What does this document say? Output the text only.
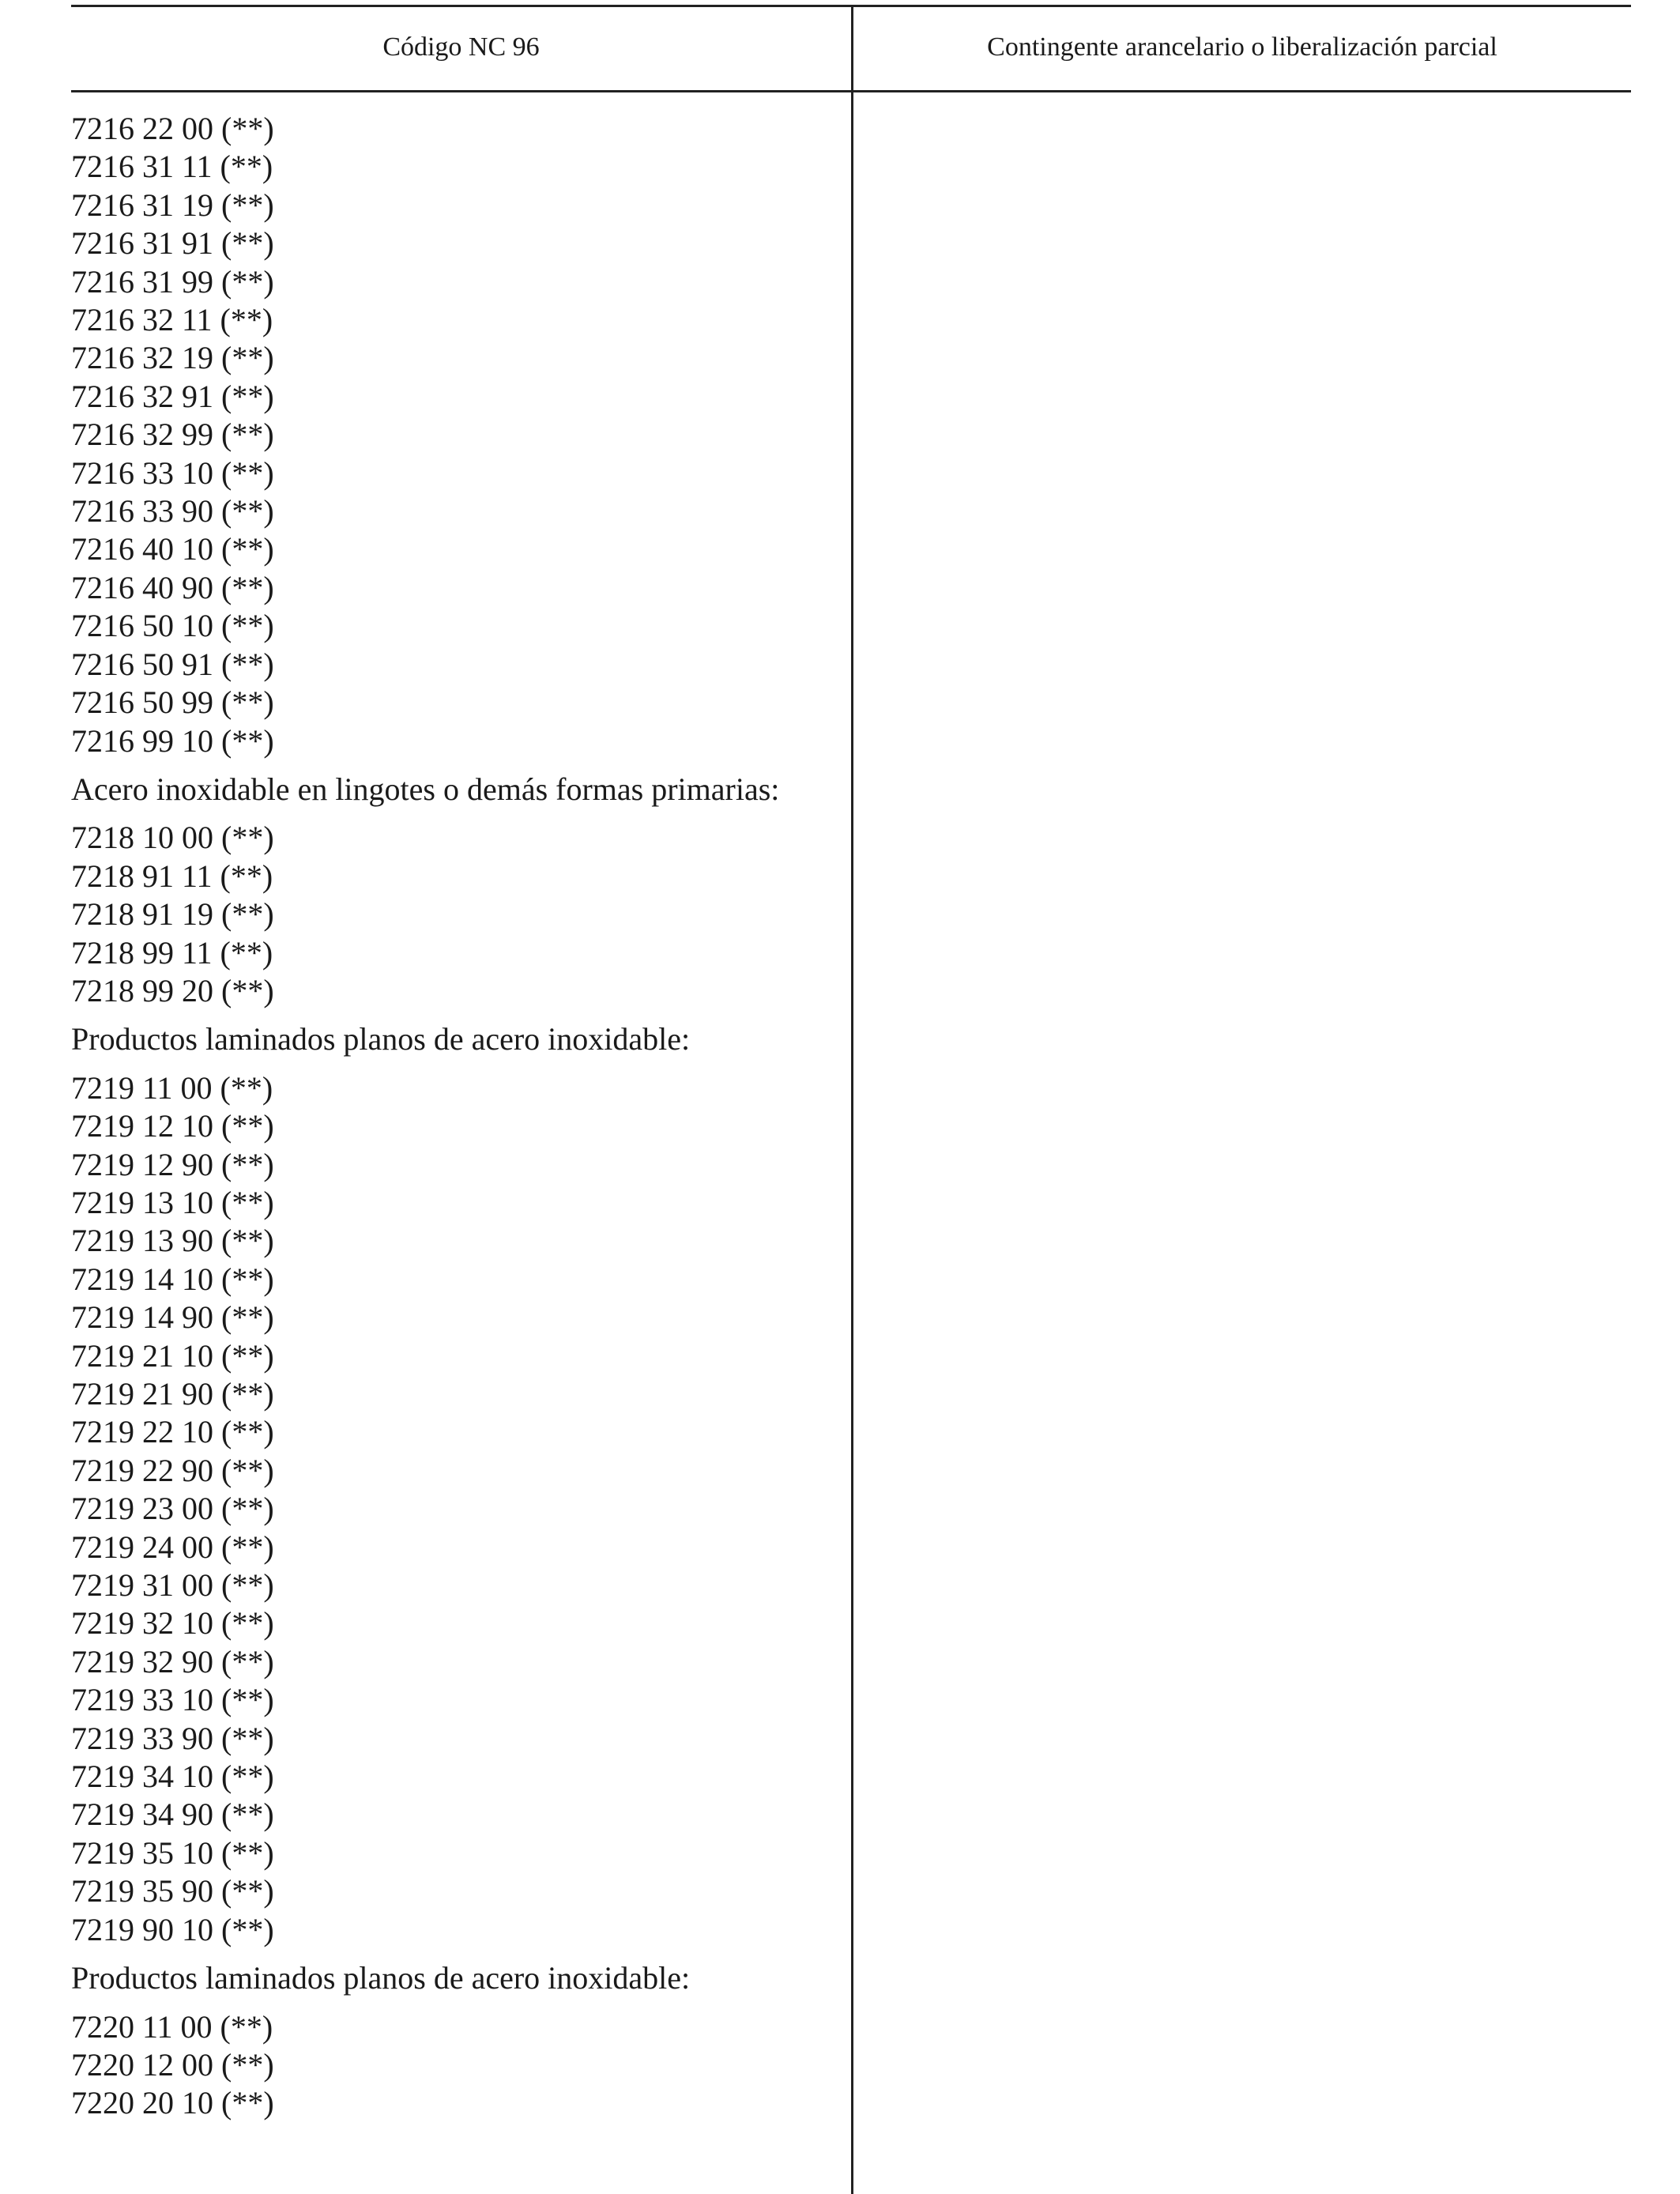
Código NC 96	Contingente arancelario o liberalización parcial
7216 22 00 (**)
7216 31 11 (**)
7216 31 19 (**)
7216 31 91 (**)
7216 31 99 (**)
7216 32 11 (**)
7216 32 19 (**)
7216 32 91 (**)
7216 32 99 (**)
7216 33 10 (**)
7216 33 90 (**)
7216 40 10 (**)
7216 40 90 (**)
7216 50 10 (**)
7216 50 91 (**)
7216 50 99 (**)
7216 99 10 (**)
Acero inoxidable en lingotes o demás formas primarias:
7218 10 00 (**)
7218 91 11 (**)
7218 91 19 (**)
7218 99 11 (**)
7218 99 20 (**)
Productos laminados planos de acero inoxidable:
7219 11 00 (**)
7219 12 10 (**)
7219 12 90 (**)
7219 13 10 (**)
7219 13 90 (**)
7219 14 10 (**)
7219 14 90 (**)
7219 21 10 (**)
7219 21 90 (**)
7219 22 10 (**)
7219 22 90 (**)
7219 23 00 (**)
7219 24 00 (**)
7219 31 00 (**)
7219 32 10 (**)
7219 32 90 (**)
7219 33 10 (**)
7219 33 90 (**)
7219 34 10 (**)
7219 34 90 (**)
7219 35 10 (**)
7219 35 90 (**)
7219 90 10 (**)
Productos laminados planos de acero inoxidable:
7220 11 00 (**)
7220 12 00 (**)
7220 20 10 (**)
